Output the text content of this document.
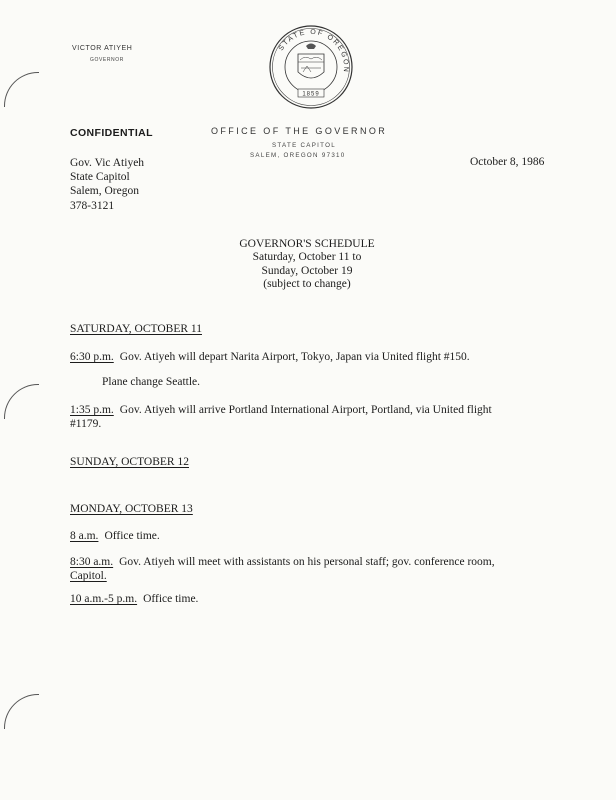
VICTOR ATIYEH
GOVERNOR
STATE OF OREGON
1859
OFFICE OF THE GOVERNOR
STATE CAPITOL
SALEM, OREGON 97310
CONFIDENTIAL
Gov. Vic Atiyeh
State Capitol
Salem, Oregon
378-3121
October 8, 1986
GOVERNOR'S SCHEDULE
Saturday, October 11 to
Sunday, October 19
(subject to change)
SATURDAY, OCTOBER 11
6:30 p.m. Gov. Atiyeh will depart Narita Airport, Tokyo, Japan via United flight #150.
Plane change Seattle.
1:35 p.m. Gov. Atiyeh will arrive Portland International Airport, Portland, via United flight
#1179.
SUNDAY, OCTOBER 12
MONDAY, OCTOBER 13
8 a.m. Office time.
8:30 a.m. Gov. Atiyeh will meet with assistants on his personal staff; gov. conference room,
Capitol.
10 a.m.-5 p.m. Office time.
